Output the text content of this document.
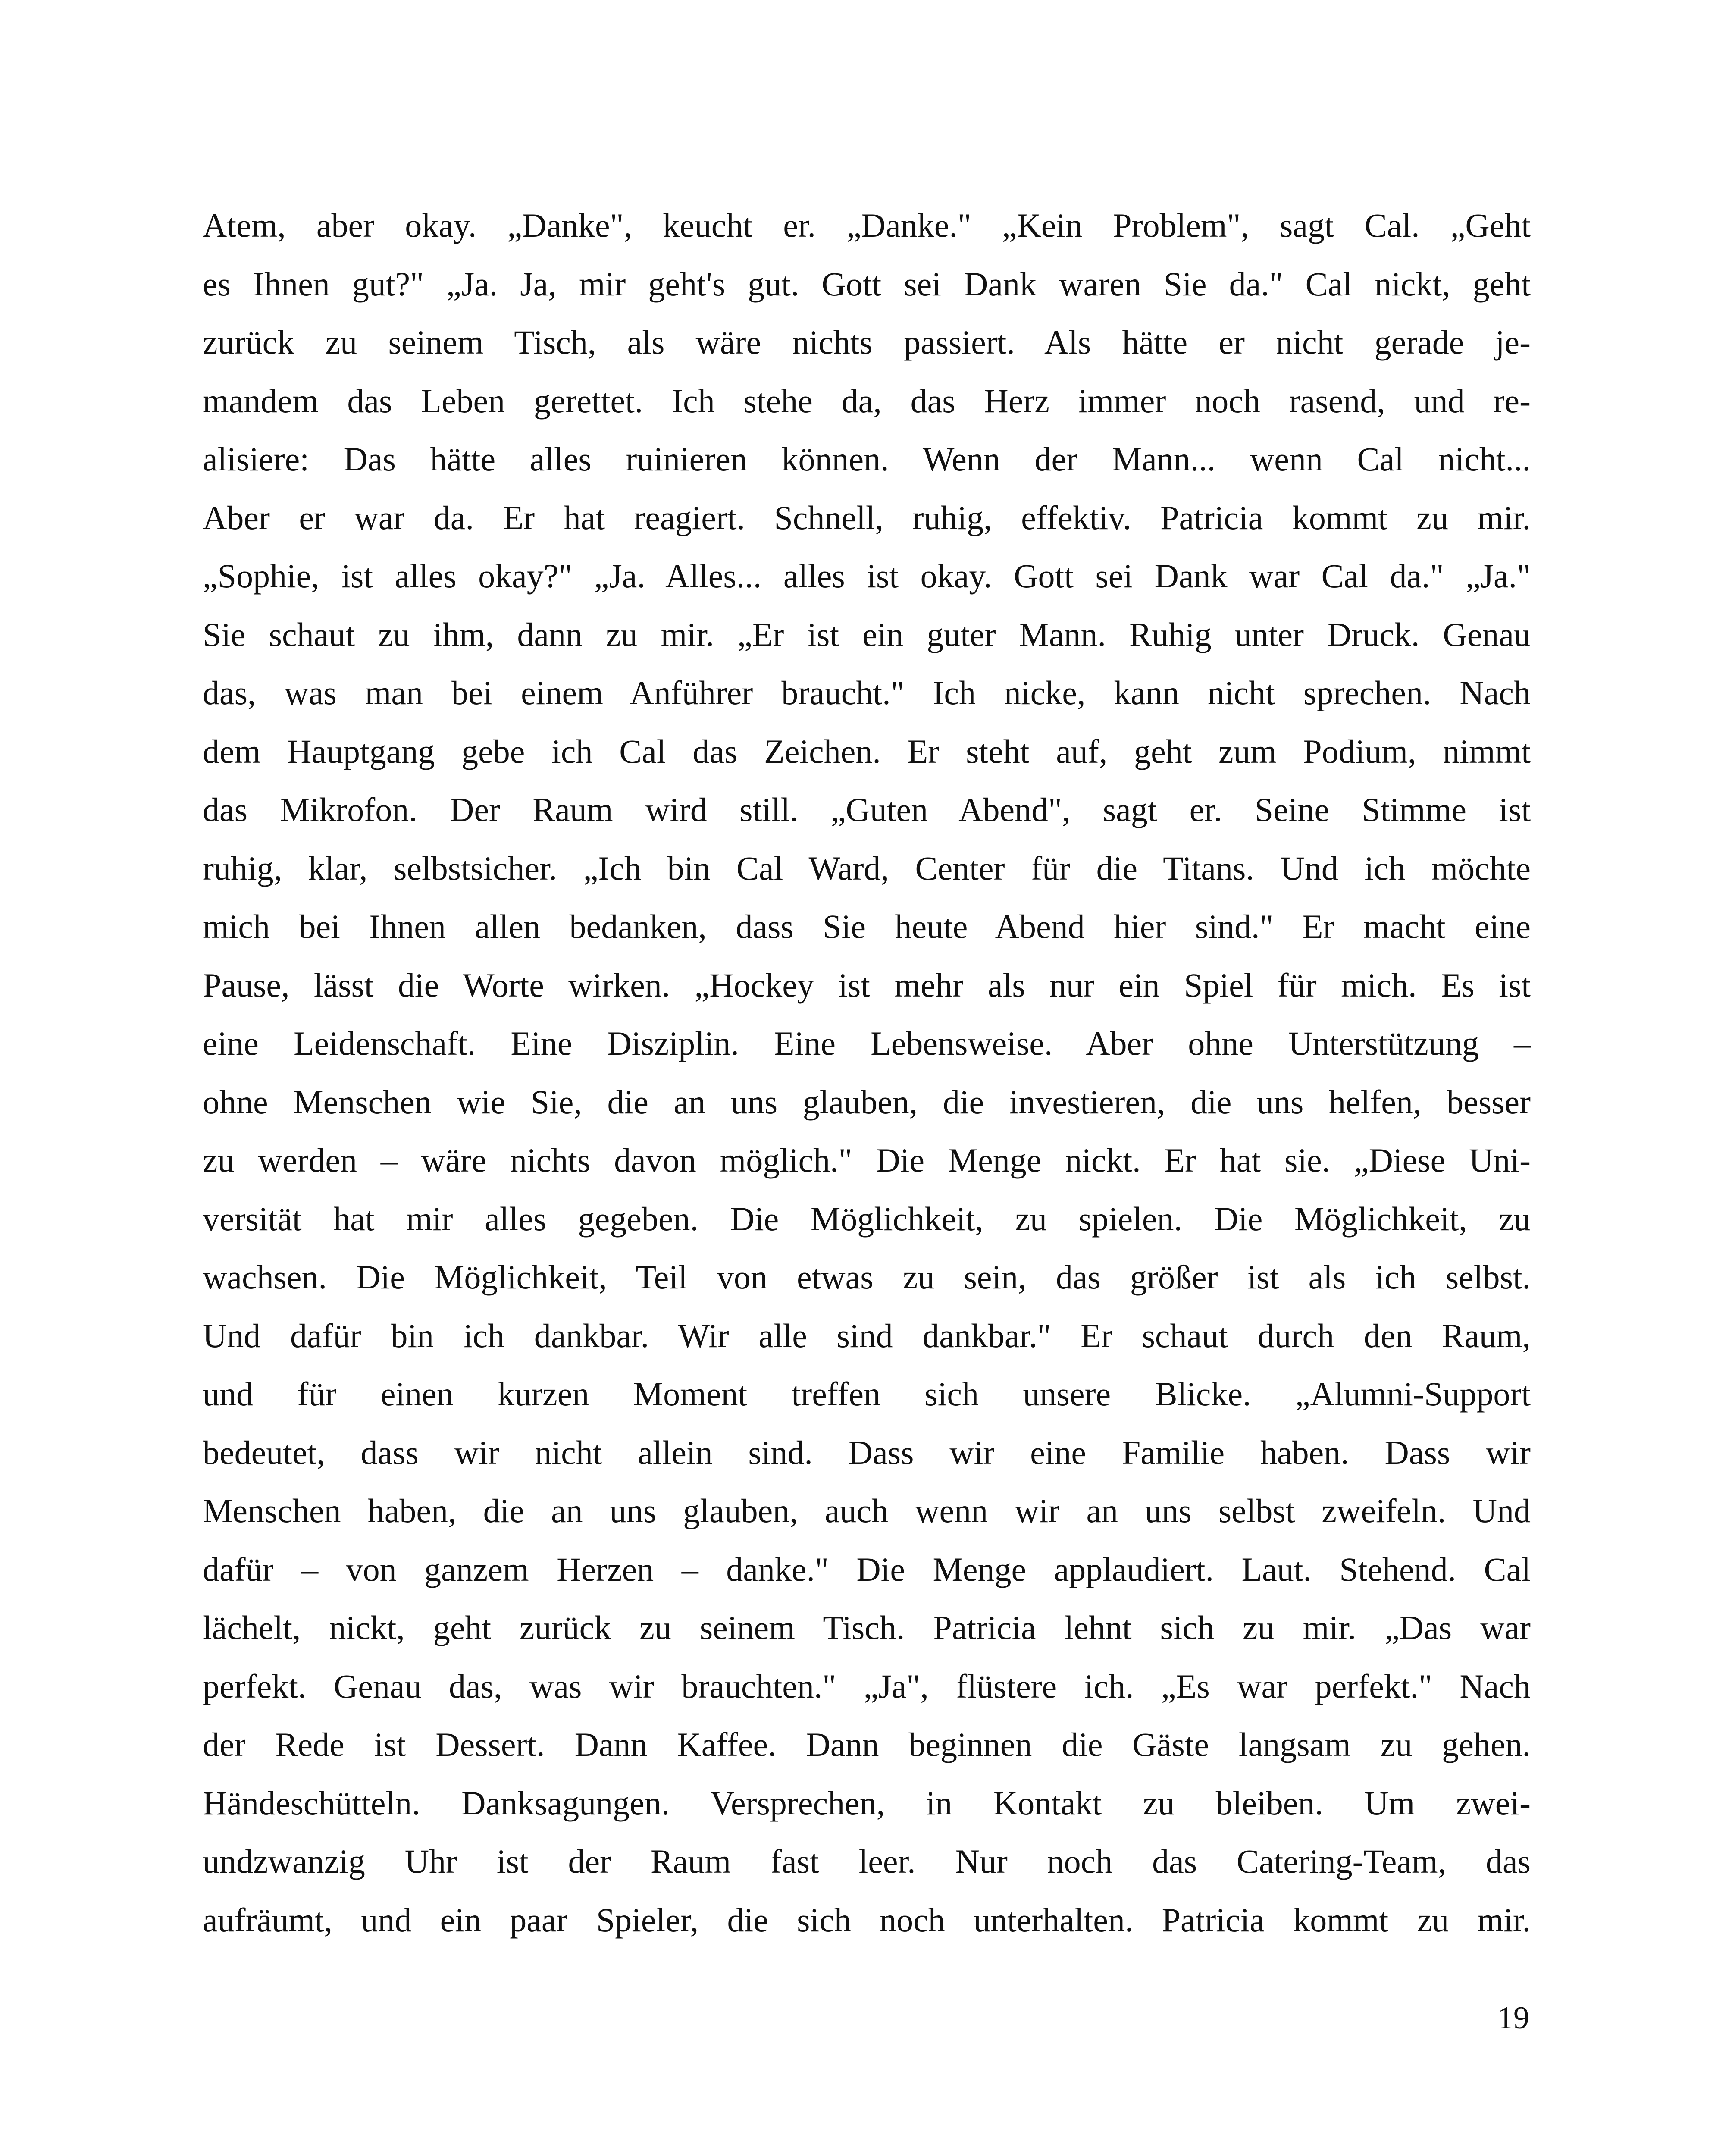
Atem, aber okay. „Danke", keucht er. „Danke." „Kein Problem", sagt Cal. „Geht
es Ihnen gut?" „Ja. Ja, mir geht's gut. Gott sei Dank waren Sie da." Cal nickt, geht
zurück zu seinem Tisch, als wäre nichts passiert. Als hätte er nicht gerade je-
mandem das Leben gerettet. Ich stehe da, das Herz immer noch rasend, und re-
alisiere: Das hätte alles ruinieren können. Wenn der Mann... wenn Cal nicht...
Aber er war da. Er hat reagiert. Schnell, ruhig, effektiv. Patricia kommt zu mir.
„Sophie, ist alles okay?" „Ja. Alles... alles ist okay. Gott sei Dank war Cal da." „Ja."
Sie schaut zu ihm, dann zu mir. „Er ist ein guter Mann. Ruhig unter Druck. Genau
das, was man bei einem Anführer braucht." Ich nicke, kann nicht sprechen. Nach
dem Hauptgang gebe ich Cal das Zeichen. Er steht auf, geht zum Podium, nimmt
das Mikrofon. Der Raum wird still. „Guten Abend", sagt er. Seine Stimme ist
ruhig, klar, selbstsicher. „Ich bin Cal Ward, Center für die Titans. Und ich möchte
mich bei Ihnen allen bedanken, dass Sie heute Abend hier sind." Er macht eine
Pause, lässt die Worte wirken. „Hockey ist mehr als nur ein Spiel für mich. Es ist
eine Leidenschaft. Eine Disziplin. Eine Lebensweise. Aber ohne Unterstützung –
ohne Menschen wie Sie, die an uns glauben, die investieren, die uns helfen, besser
zu werden – wäre nichts davon möglich." Die Menge nickt. Er hat sie. „Diese Uni-
versität hat mir alles gegeben. Die Möglichkeit, zu spielen. Die Möglichkeit, zu
wachsen. Die Möglichkeit, Teil von etwas zu sein, das größer ist als ich selbst.
Und dafür bin ich dankbar. Wir alle sind dankbar." Er schaut durch den Raum,
und für einen kurzen Moment treffen sich unsere Blicke. „Alumni-Support
bedeutet, dass wir nicht allein sind. Dass wir eine Familie haben. Dass wir
Menschen haben, die an uns glauben, auch wenn wir an uns selbst zweifeln. Und
dafür – von ganzem Herzen – danke." Die Menge applaudiert. Laut. Stehend. Cal
lächelt, nickt, geht zurück zu seinem Tisch. Patricia lehnt sich zu mir. „Das war
perfekt. Genau das, was wir brauchten." „Ja", flüstere ich. „Es war perfekt." Nach
der Rede ist Dessert. Dann Kaffee. Dann beginnen die Gäste langsam zu gehen.
Händeschütteln. Danksagungen. Versprechen, in Kontakt zu bleiben. Um zwei-
undzwanzig Uhr ist der Raum fast leer. Nur noch das Catering-Team, das
aufräumt, und ein paar Spieler, die sich noch unterhalten. Patricia kommt zu mir.
19
